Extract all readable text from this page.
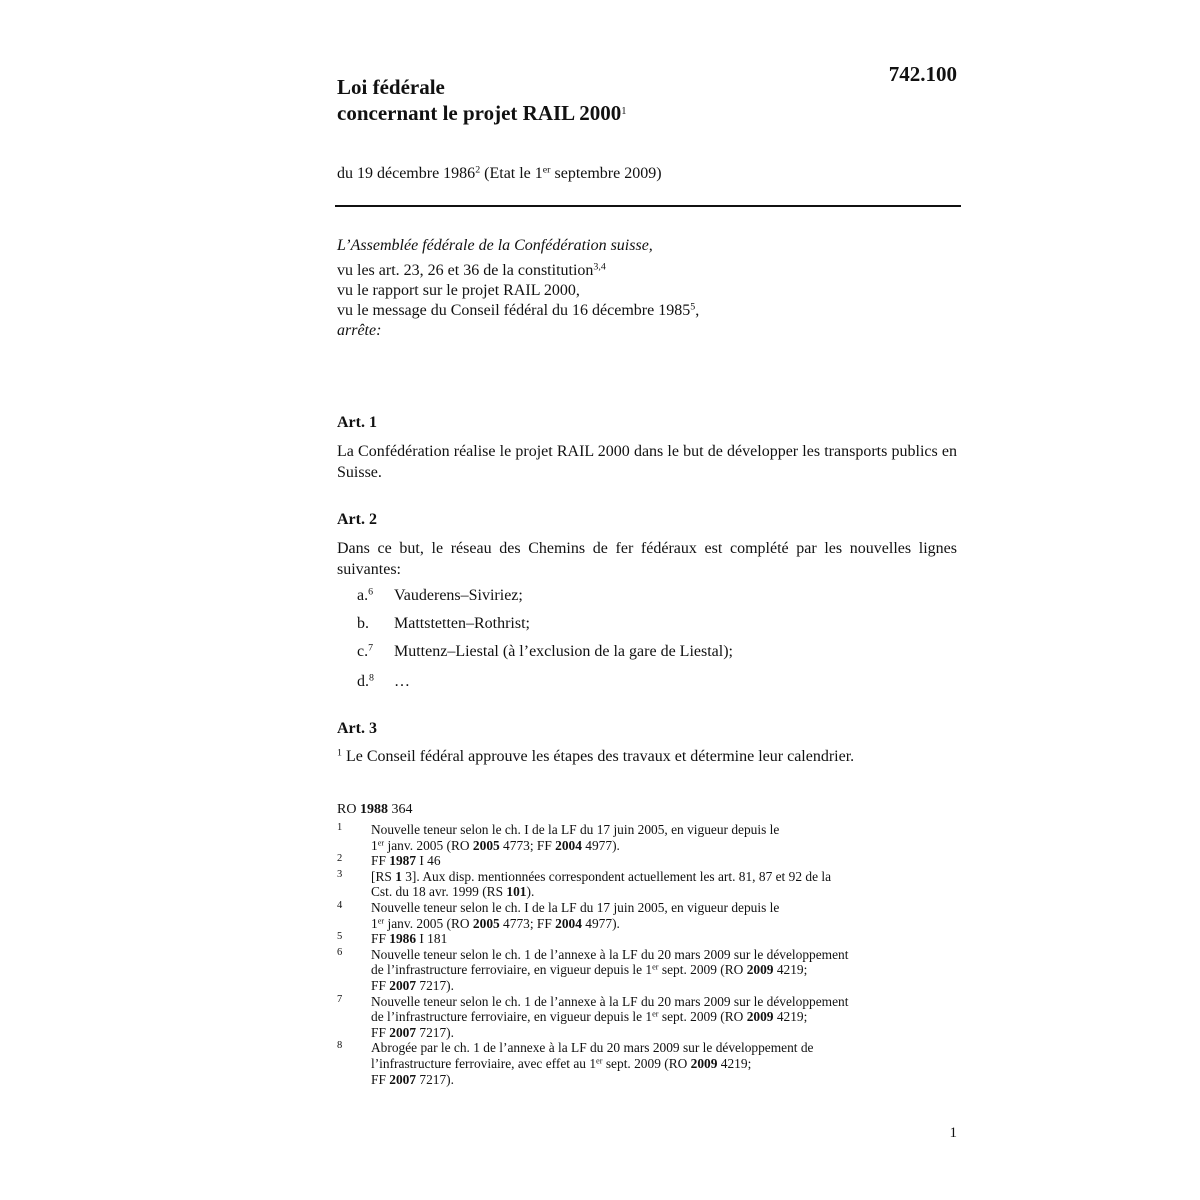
Loi fédérale
concernant le projet RAIL 2000$^1$
742.100
du 19 décembre 1986$^2$ (Etat le 1er septembre 2009)
L’Assemblée fédérale de la Confédération suisse,
vu les art. 23, 26 et 36 de la constitution$^{3,4}$
vu le rapport sur le projet RAIL 2000,
vu le message du Conseil fédéral du 16 décembre 1985$^5$,
arrête:
Art. 1
La Confédération réalise le projet RAIL 2000 dans le but de développer les transports publics en Suisse.
Art. 2
Dans ce but, le réseau des Chemins de fer fédéraux est complété par les nouvelles lignes suivantes:
a.$^6$	Vauderens–Siviriez;
b.	Mattstetten–Rothrist;
c.$^7$	Muttenz–Liestal (à l’exclusion de la gare de Liestal);
d.$^8$	…
Art. 3
$^1$ Le Conseil fédéral approuve les étapes des travaux et détermine leur calendrier.
RO 1988 364
1 Nouvelle teneur selon le ch. I de la LF du 17 juin 2005, en vigueur depuis le
1er janv. 2005 (RO 2005 4773; FF 2004 4977).
2 FF 1987 I 46
3 [RS 1 3]. Aux disp. mentionnées correspondent actuellement les art. 81, 87 et 92 de la
Cst. du 18 avr. 1999 (RS 101).
4 Nouvelle teneur selon le ch. I de la LF du 17 juin 2005, en vigueur depuis le
1er janv. 2005 (RO 2005 4773; FF 2004 4977).
5 FF 1986 I 181
6 Nouvelle teneur selon le ch. 1 de l’annexe à la LF du 20 mars 2009 sur le développement
de l’infrastructure ferroviaire, en vigueur depuis le 1er sept. 2009 (RO 2009 4219;
FF 2007 7217).
7 Nouvelle teneur selon le ch. 1 de l’annexe à la LF du 20 mars 2009 sur le développement
de l’infrastructure ferroviaire, en vigueur depuis le 1er sept. 2009 (RO 2009 4219;
FF 2007 7217).
8 Abrogée par le ch. 1 de l’annexe à la LF du 20 mars 2009 sur le développement de
l’infrastructure ferroviaire, avec effet au 1er sept. 2009 (RO 2009 4219;
FF 2007 7217).
1
